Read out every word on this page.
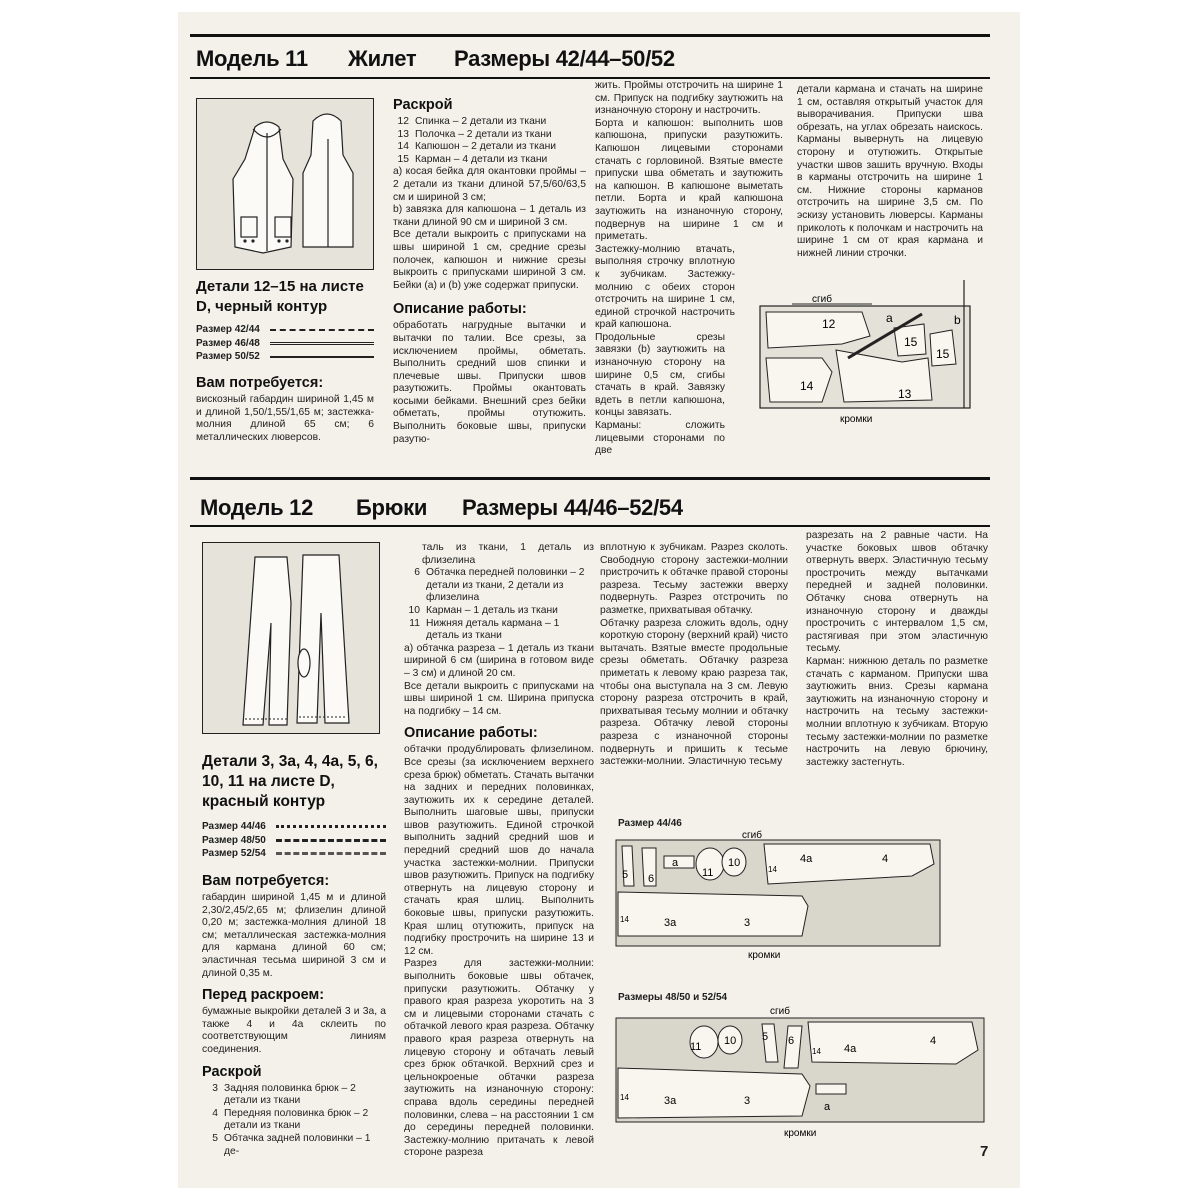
Модель 11 Жилет Размеры 42/44–50/52
Детали 12–15 на листе D, черный контур
Размер 42/44
Размер 46/48
Размер 50/52
Вам потребуется:

вискозный габардин шириной 1,45 м и длиной 1,50/1,55/1,65 м; застежка-молния длиной 65 см; 6 металлических люверсов.

Раскрой
12 Спинка – 2 детали из ткани
13 Полочка – 2 детали из ткани
14 Капюшон – 2 детали из ткани
15 Карман – 4 детали из ткани

а) косая бейка для окантовки проймы – 2 детали из ткани длиной 57,5/60/63,5 см и шириной 3 см;

b) завязка для капюшона – 1 деталь из ткани длиной 90 см и шириной 3 см.

Все детали выкроить с припусками на швы шириной 1 см, средние срезы полочек, капюшон и нижние срезы выкроить с припусками шириной 3 см. Бейки (а) и (b) уже содержат припуски.

Описание работы:

обработать нагрудные вытачки и вытачки по талии. Все срезы, за исключением проймы, обметать. Выполнить средний шов спинки и плечевые швы. Припуски швов разутюжить. Проймы окантовать косыми бейками. Внешний срез бейки обметать, проймы отутюжить. Выполнить боковые швы, припуски разутю-

жить. Проймы отстрочить на ширине 1 см. Припуск на подгибку заутюжить на изнаночную сторону и настрочить.

Борта и капюшон: выполнить шов капюшона, припуски разутюжить. Капюшон лицевыми сторонами стачать с горловиной. Взятые вместе припуски шва обметать и заутюжить на капюшон. В капюшоне выметать петли. Борта и край капюшона заутюжить на изнаночную сторону, подвернув на ширине 1 см и приметать.

Застежку-молнию втачать, выполняя строчку вплотную к зубчикам. Застежку-молнию с обеих сторон отстрочить на ширине 1 см, единой строчкой настрочить край капюшона.

Продольные срезы завязки (b) заутюжить на изнаночную сторону на ширине 0,5 см, сгибы стачать в край. Завязку вдеть в петли капюшона, концы завязать.

Карманы: сложить лицевыми сторонами по две

детали кармана и стачать на ширине 1 см, оставляя открытый участок для выворачивания. Припуски шва обрезать, на углах обрезать наискось. Карманы вывернуть на лицевую сторону и отутюжить. Открытые участки швов зашить вручную. Входы в карманы отстрочить на ширине 1 см. Нижние стороны карманов отстрочить на ширине 3,5 см. По эскизу установить люверсы. Карманы приколоть к полочкам и настрочить на ширине 1 см от края кармана и нижней линии строчки.

сгиб
12
14
13
15
15
a	b
кромки
Модель 12 Брюки Размеры 44/46–52/54
Детали 3, 3а, 4, 4а, 5, 6, 10, 11 на листе D, красный контур
Размер 44/46
Размер 48/50
Размер 52/54
Вам потребуется:

габардин шириной 1,45 м и длиной 2,30/2,45/2,65 м; флизелин длиной 0,20 м; застежка-молния длиной 18 см; металлическая застежка-молния для кармана длиной 60 см; эластичная тесьма шириной 3 см и длиной 0,35 м.

Перед раскроем:

бумажные выкройки деталей 3 и 3а, а также 4 и 4а склеить по соответствующим линиям соединения.

Раскрой
3 Задняя половинка брюк – 2 детали из ткани
4 Передняя половинка брюк – 2 детали из ткани
5 Обтачка задней половинки – 1 де-

таль из ткани, 1 деталь из флизелина

6 Обтачка передней половинки – 2 детали из ткани, 2 детали из флизелина
10 Карман – 1 деталь из ткани
11 Нижняя деталь кармана – 1 деталь из ткани

а) обтачка разреза – 1 деталь из ткани шириной 6 см (ширина в готовом виде – 3 см) и длиной 20 см.

Все детали выкроить с припусками на швы шириной 1 см. Ширина припуска на подгибку – 14 см.

Описание работы:

обтачки продублировать флизелином. Все срезы (за исключением верхнего среза брюк) обметать. Стачать вытачки на задних и передних половинках, заутюжить их к середине деталей. Выполнить шаговые швы, припуски швов разутюжить. Единой строчкой выполнить задний средний шов и передний средний шов до начала участка застежки-молнии. Припуски швов разутюжить. Припуск на подгибку отвернуть на лицевую сторону и стачать края шлиц. Выполнить боковые швы, припуски разутюжить. Края шлиц отутюжить, припуск на подгибку простpочить на ширине 13 и 12 см.

Разрез для застежки-молнии: выполнить боковые швы обтачек, припуски разутюжить. Обтачку у правого края разреза укоротить на 3 см и лицевыми сторонами стачать с обтачкой левого края разреза. Обтачку правого края разреза отвернуть на лицевую сторону и обтачать левый срез брюк обтачкой. Верхний срез и цельнокроеные обтачки разреза заутюжить на изнаночную сторону: справа вдоль середины передней половинки, слева – на расстоянии 1 см до середины передней половинки. Застежку-молнию притачать к левой стороне разреза

вплотную к зубчикам. Разрез сколоть. Свободную сторону застежки-молнии пристрочить к обтачке правой стороны разреза. Тесьму застежки вверху подвернуть. Разрез отстрочить по разметке, прихватывая обтачку.

Обтачку разреза сложить вдоль, одну короткую сторону (верхний край) чисто вытачать. Взятые вместе продольные срезы обметать. Обтачку разреза приметать к левому краю разреза так, чтобы она выступала на 3 см. Левую сторону разреза отстрочить в край, прихватывая тесьму молнии и обтачку разреза. Обтачку левой стороны разреза с изнаночной стороны подвернуть и пришить к тесьме застежки-молнии. Эластичную тесьму

разрезать на 2 равные части. На участке боковых швов обтачку отвернуть вверх. Эластичную тесьму простpочить между вытачками передней и задней половинки. Обтачку снова отвернуть на изнаночную сторону и дважды простpочить с интервалом 1,5 см, растягивая при этом эластичную тесьму.

Карман: нижнюю деталь по разметке стачать с карманом. Припуски шва заутюжить вниз. Срезы кармана заутюжить на изнаночную сторону и настрочить на тесьму застежки-молнии вплотную к зубчикам. Вторую тесьму застежки-молнии по разметке настрочить на левую брючину, застежку застегнуть.

Размер 44/46
сгиб
5 6
a
11
10	4a	4
3a	3
14
14
кромки
Размеры 48/50 и 52/54
сгиб
11 10 5 6
4a
4
3a	3	a
14
14
кромки
7
